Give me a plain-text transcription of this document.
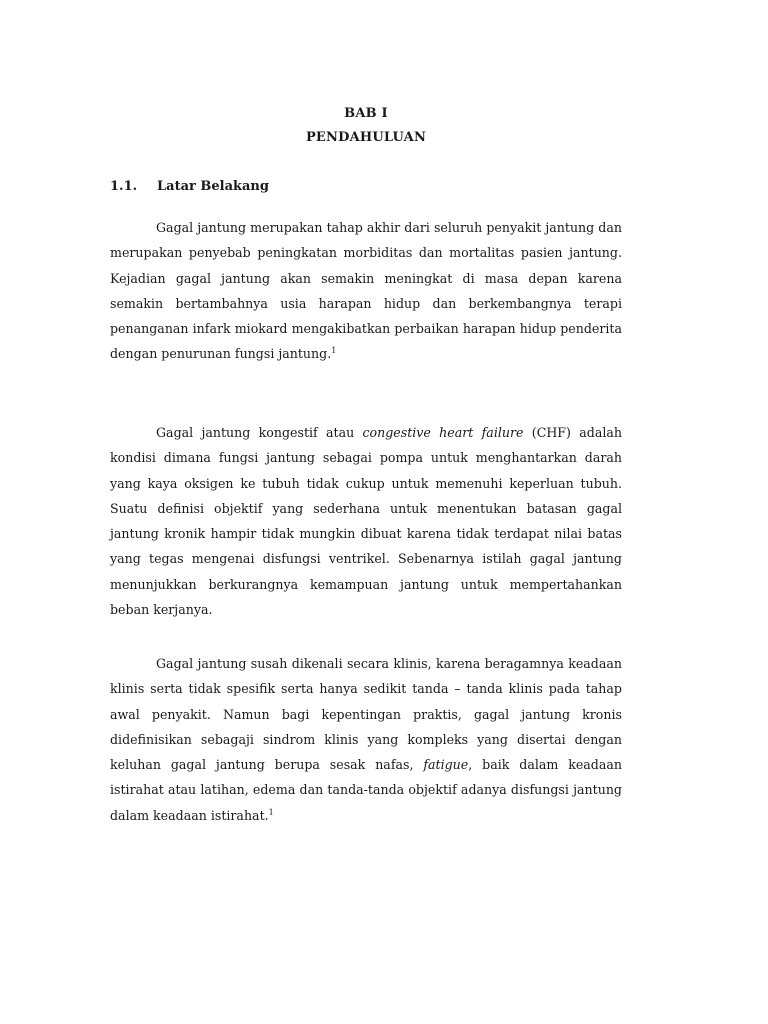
BAB I
PENDAHULUAN
1.1. Latar Belakang

Gagal jantung merupakan tahap akhir dari seluruh penyakit jantung dan merupakan penyebab peningkatan morbiditas dan mortalitas pasien jantung. Kejadian gagal jantung akan semakin meningkat di masa depan karena semakin bertambahnya usia harapan hidup dan berkembangnya terapi penanganan infark miokard mengakibatkan perbaikan harapan hidup penderita dengan penurunan fungsi jantung.$^1$

Gagal jantung kongestif atau congestive heart failure (CHF) adalah kondisi dimana fungsi jantung sebagai pompa untuk menghantarkan darah yang kaya oksigen ke tubuh tidak cukup untuk memenuhi keperluan tubuh. Suatu definisi objektif yang sederhana untuk menentukan batasan gagal jantung kronik hampir tidak mungkin dibuat karena tidak terdapat nilai batas yang tegas mengenai disfungsi ventrikel. Sebenarnya istilah gagal jantung menunjukkan berkurangnya kemampuan jantung untuk mempertahankan beban kerjanya.

Gagal jantung susah dikenali secara klinis, karena beragamnya keadaan klinis serta tidak spesifik serta hanya sedikit tanda – tanda klinis pada tahap awal penyakit. Namun bagi kepentingan praktis, gagal jantung kronis didefinisikan sebagaji sindrom klinis yang kompleks yang disertai dengan keluhan gagal jantung berupa sesak nafas, fatigue, baik dalam keadaan istirahat atau latihan, edema dan tanda-tanda objektif adanya disfungsi jantung dalam keadaan istirahat.$^1$
